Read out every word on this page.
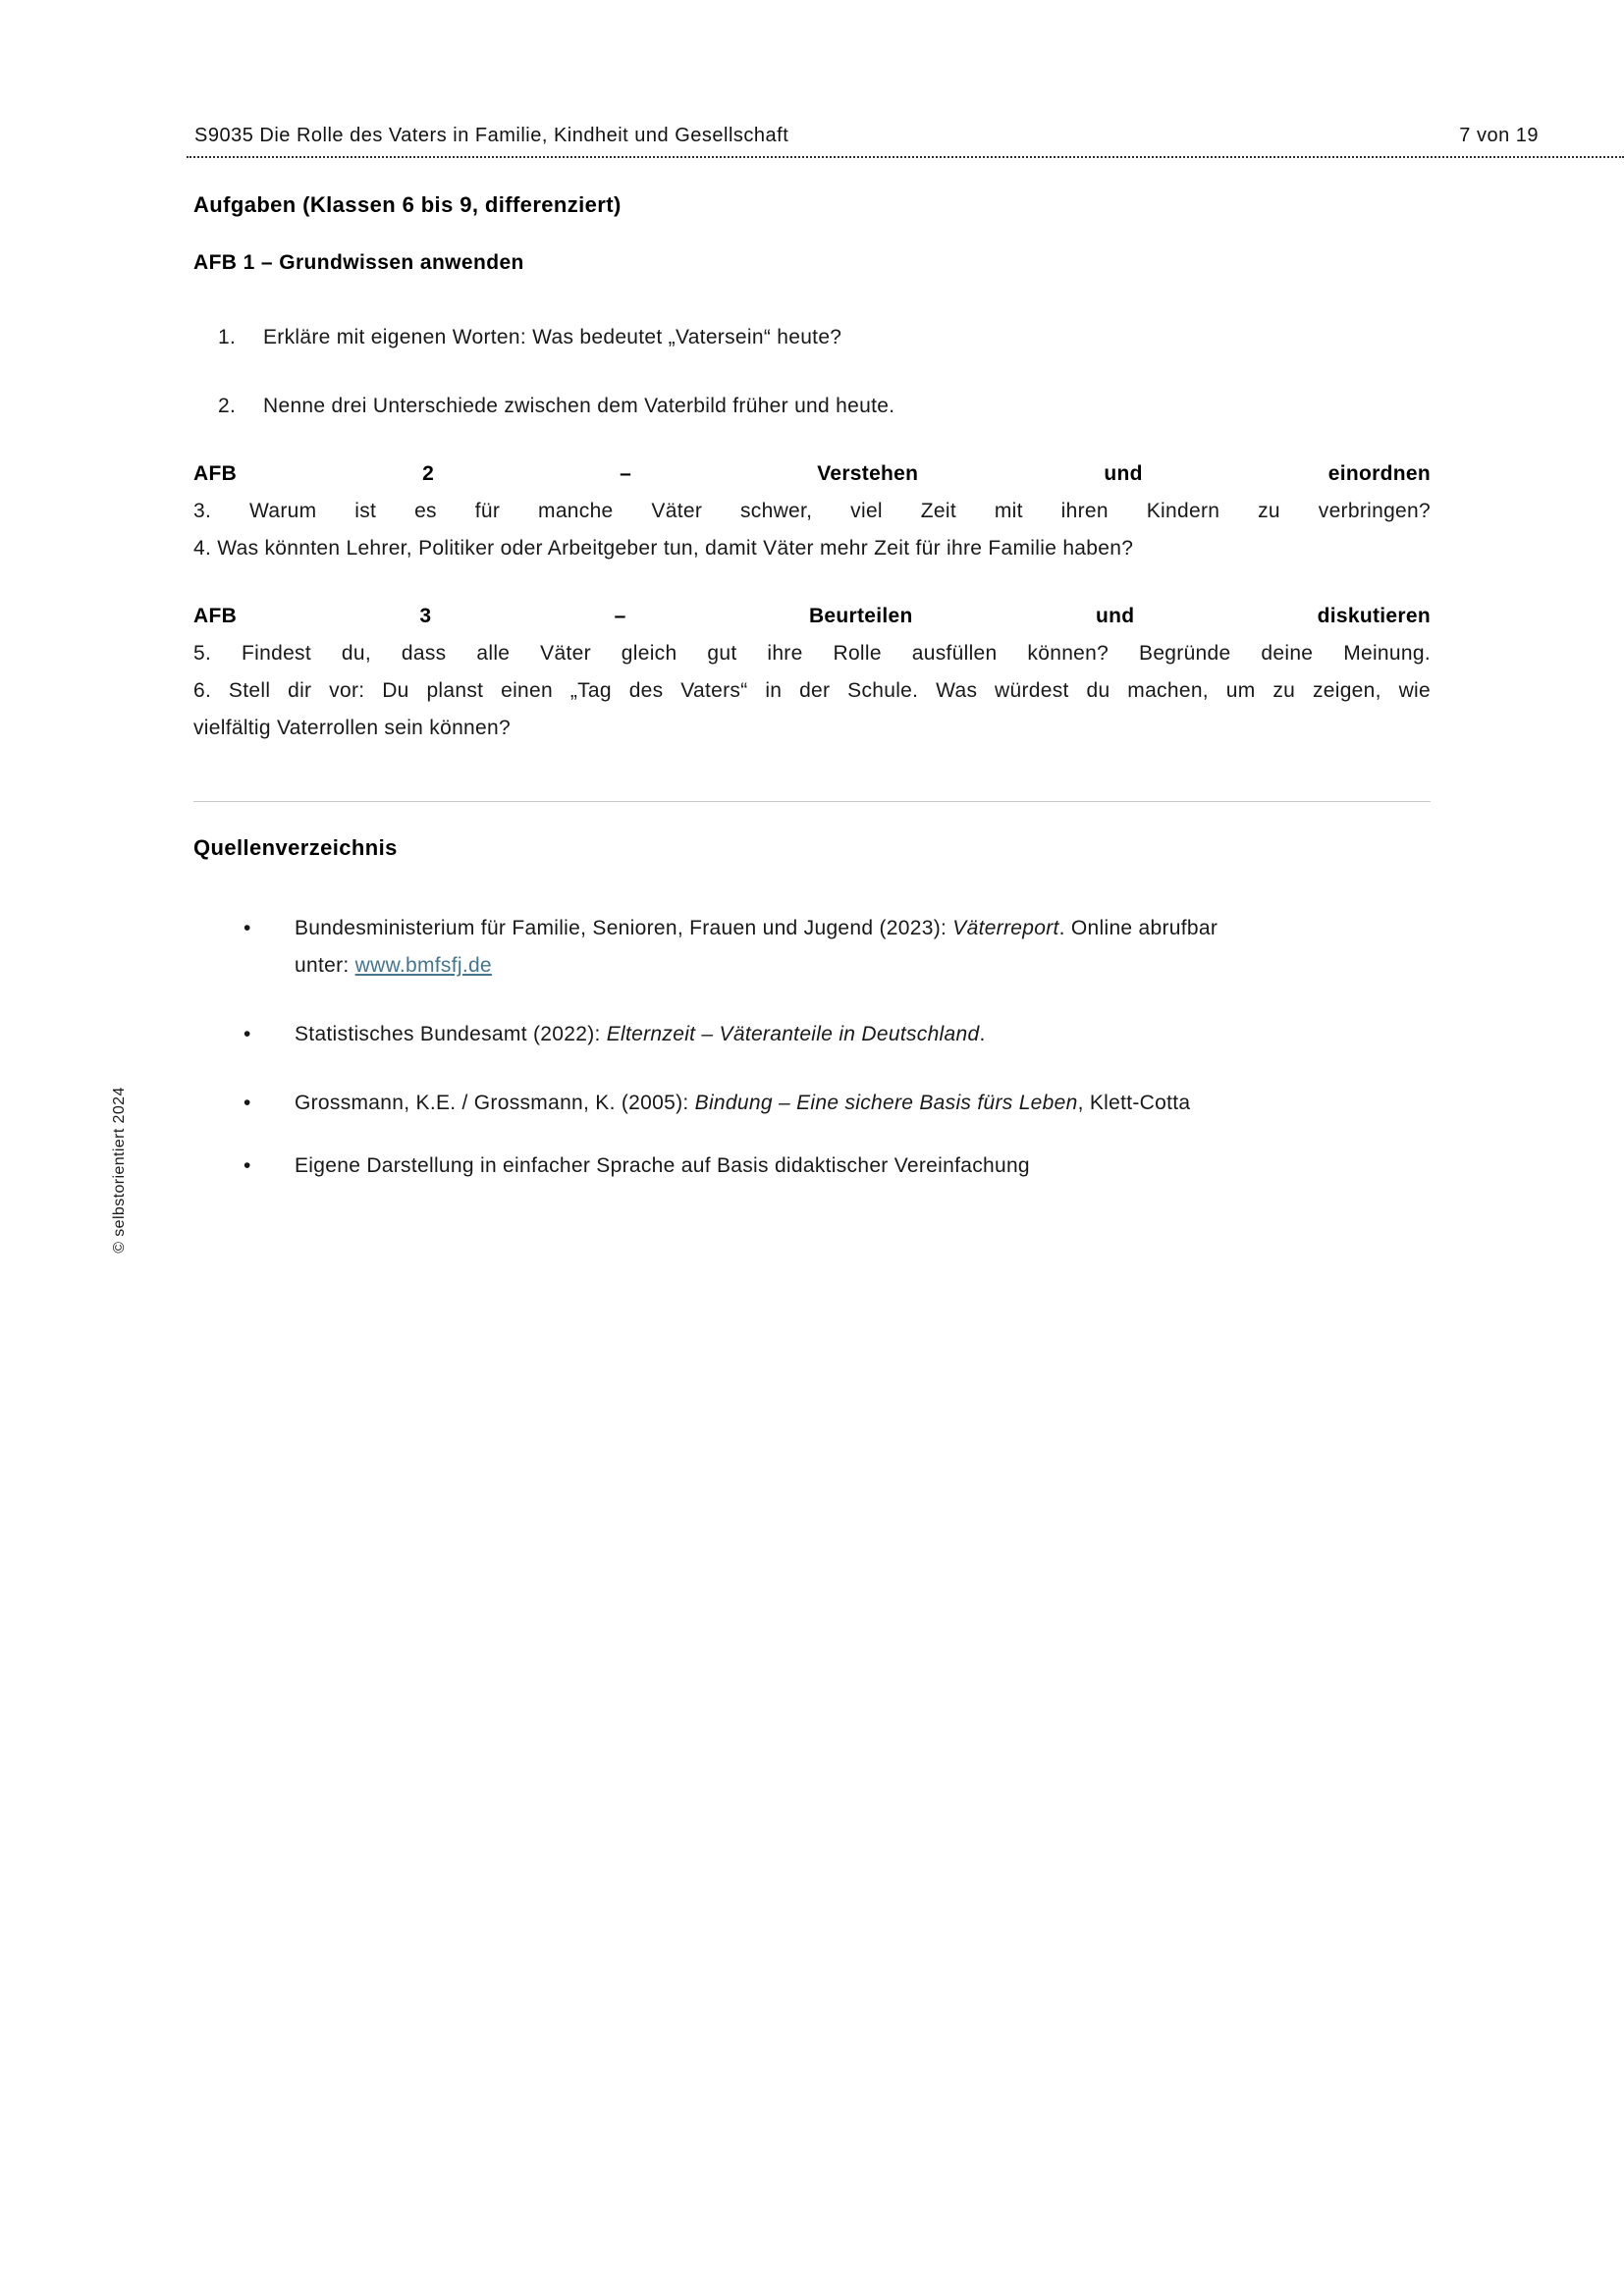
S9035 Die Rolle des Vaters in Familie, Kindheit und Gesellschaft	7 von 19
Aufgaben (Klassen 6 bis 9, differenziert)
AFB 1 – Grundwissen anwenden
1. Erkläre mit eigenen Worten: Was bedeutet „Vatersein“ heute?
2. Nenne drei Unterschiede zwischen dem Vaterbild früher und heute.
AFB 2 – Verstehen und einordnen
3. Warum ist es für manche Väter schwer, viel Zeit mit ihren Kindern zu verbringen?
4. Was könnten Lehrer, Politiker oder Arbeitgeber tun, damit Väter mehr Zeit für ihre Familie haben?
AFB 3 – Beurteilen und diskutieren
5. Findest du, dass alle Väter gleich gut ihre Rolle ausfüllen können? Begründe deine Meinung.
6. Stell dir vor: Du planst einen „Tag des Vaters“ in der Schule. Was würdest du machen, um zu zeigen, wie
vielfältig Vaterrollen sein können?
Quellenverzeichnis
• Bundesministerium für Familie, Senioren, Frauen und Jugend (2023): Väterreport. Online abrufbar
unter: www.bmfsfj.de
• Statistisches Bundesamt (2022): Elternzeit – Väteranteile in Deutschland.
• Grossmann, K.E. / Grossmann, K. (2005): Bindung – Eine sichere Basis fürs Leben, Klett-Cotta
• Eigene Darstellung in einfacher Sprache auf Basis didaktischer Vereinfachung
© selbstorientiert 2024
